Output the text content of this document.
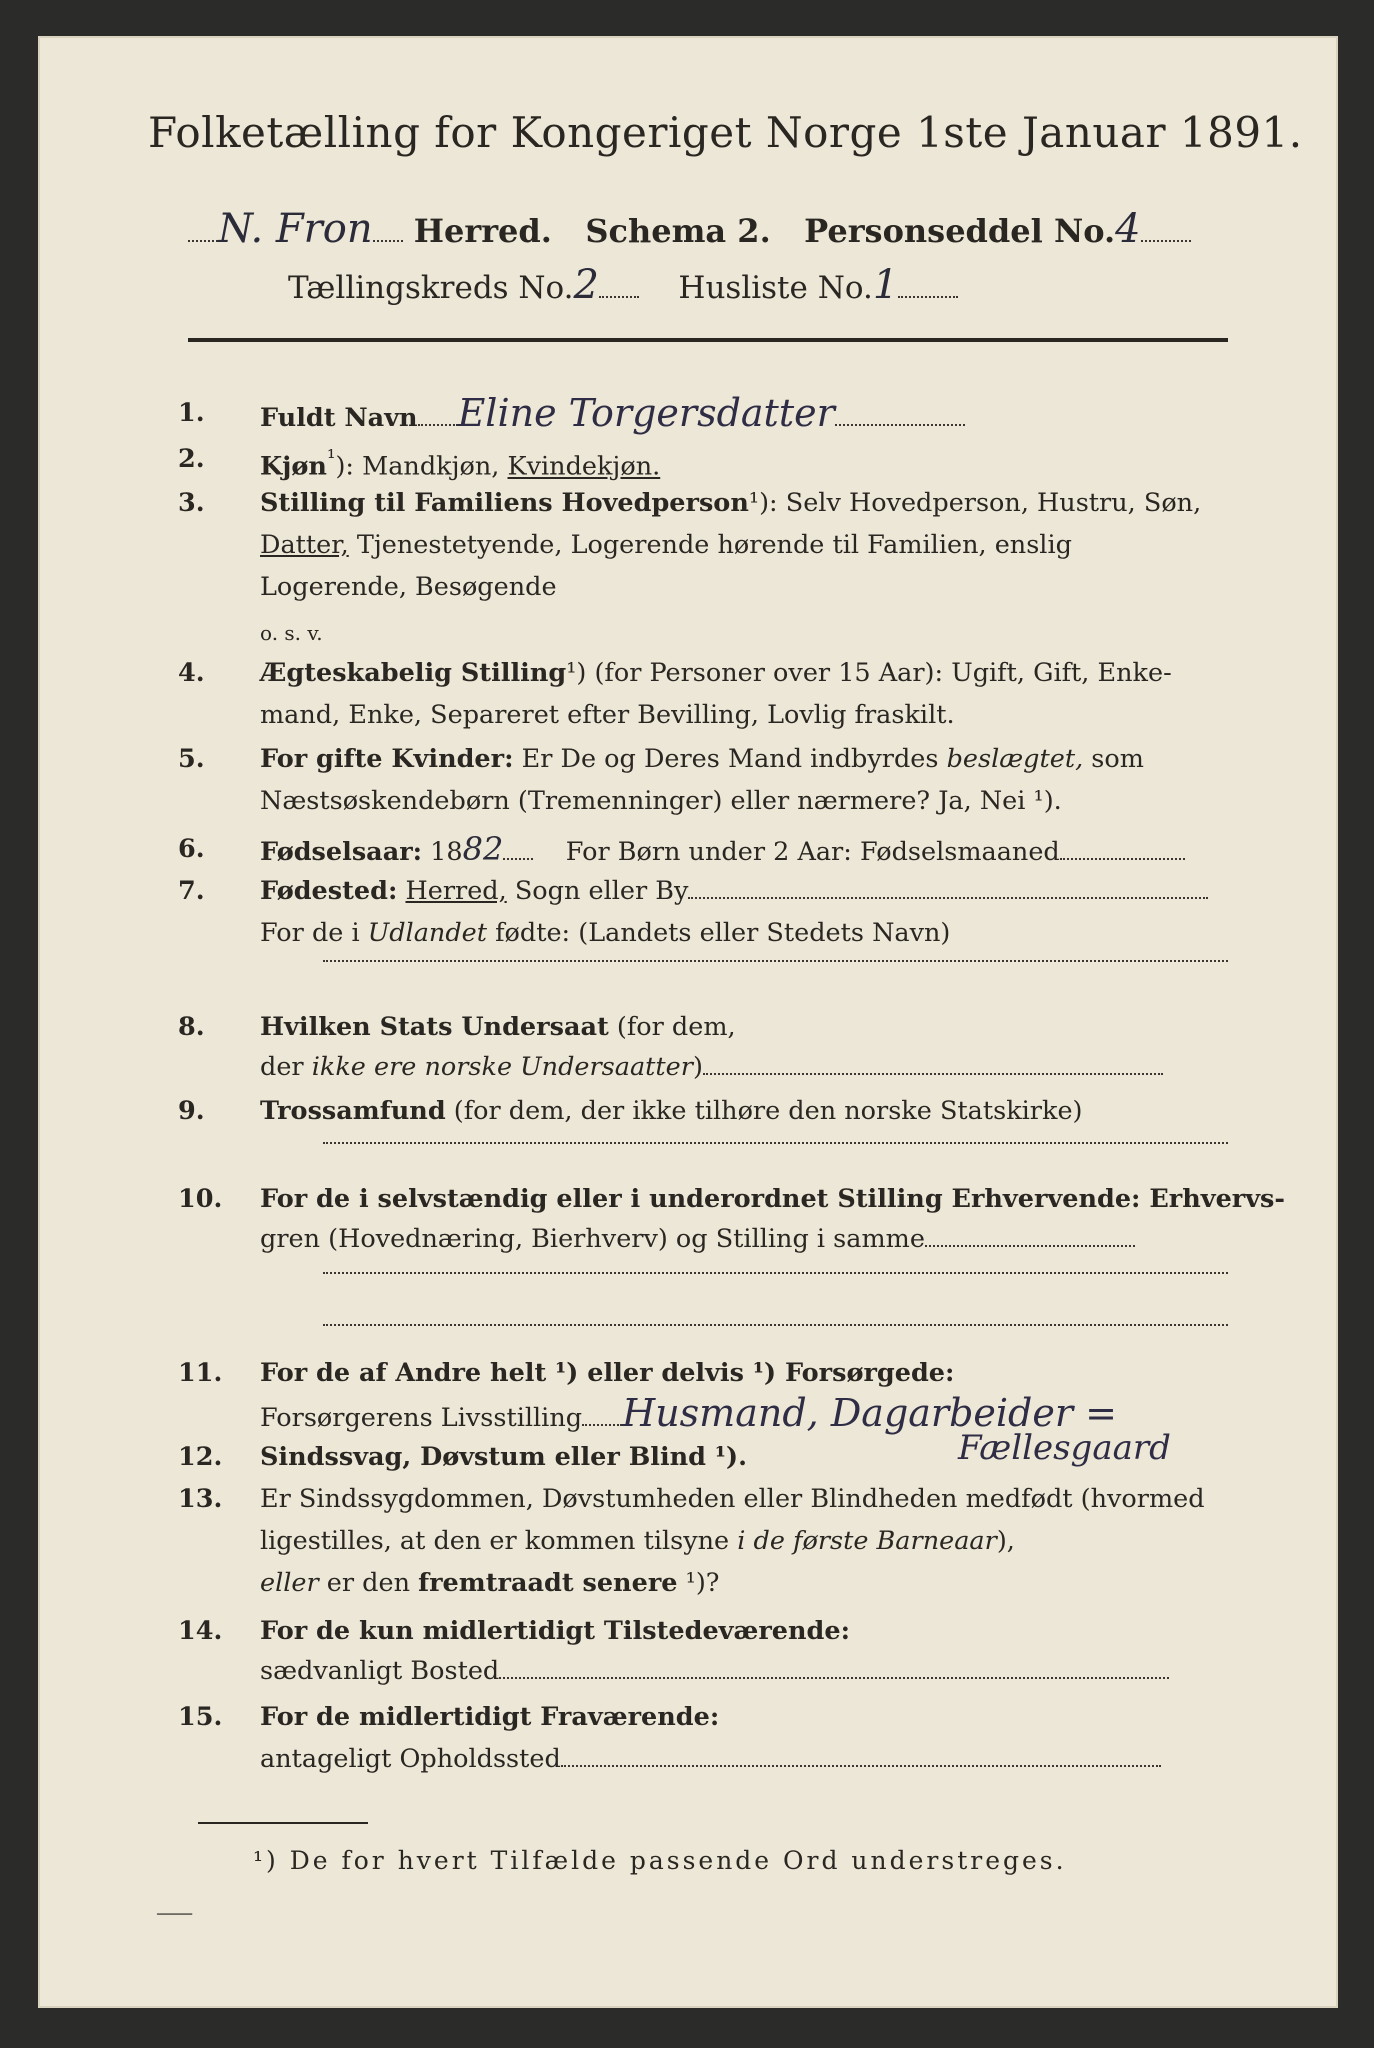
Folketælling for Kongeriget Norge 1ste Januar 1891.
N. Fron Herred. Schema 2. Personseddel No.4
Tællingskreds No.2	Husliste No.1
1.	Fuldt Navn Eline Torgersdatter
2.	Kjøn$^{^1}$): Mandkjøn, Kvindekjøn.
3.	Stilling til Familiens Hovedperson¹): Selv Hovedperson, Hustru, Søn,
Datter, Tjenestetyende, Logerende hørende til Familien, enslig
Logerende, Besøgende
o. s. v.
4.	Ægteskabelig Stilling¹) (for Personer over 15 Aar): Ugift, Gift, Enke-
mand, Enke, Separeret efter Bevilling, Lovlig fraskilt.
5.	For gifte Kvinder: Er De og Deres Mand indbyrdes beslægtet, som
Næstsøskendebørn (Tremenninger) eller nærmere? Ja, Nei ¹).
6.	Fødselsaar: 1882 For Børn under 2 Aar: Fødselsmaaned
7.	Fødested: Herred, Sogn eller By
For de i Udlandet fødte: (Landets eller Stedets Navn)
8.	Hvilken Stats Undersaat (for dem,
der ikke ere norske Undersaatter)
9.	Trossamfund (for dem, der ikke tilhøre den norske Statskirke)
10. For de i selvstændig eller i underordnet Stilling Erhvervende: Erhvervs-
gren (Hovednæring, Bierhverv) og Stilling i samme
11. For de af Andre helt ¹) eller delvis ¹) Forsørgede:
Forsørgerens Livsstilling Husmand, Dagarbeider =
Fællesgaard
12. Sindssvag, Døvstum eller Blind ¹).
13. Er Sindssygdommen, Døvstumheden eller Blindheden medfødt (hvormed
ligestilles, at den er kommen tilsyne i de første Barneaar),
eller er den fremtraadt senere ¹)?
14. For de kun midlertidigt Tilstedeværende:
sædvanligt Bosted
15. For de midlertidigt Fraværende:
antageligt Opholdssted
¹) De for hvert Tilfælde passende Ord understreges.
⸺
